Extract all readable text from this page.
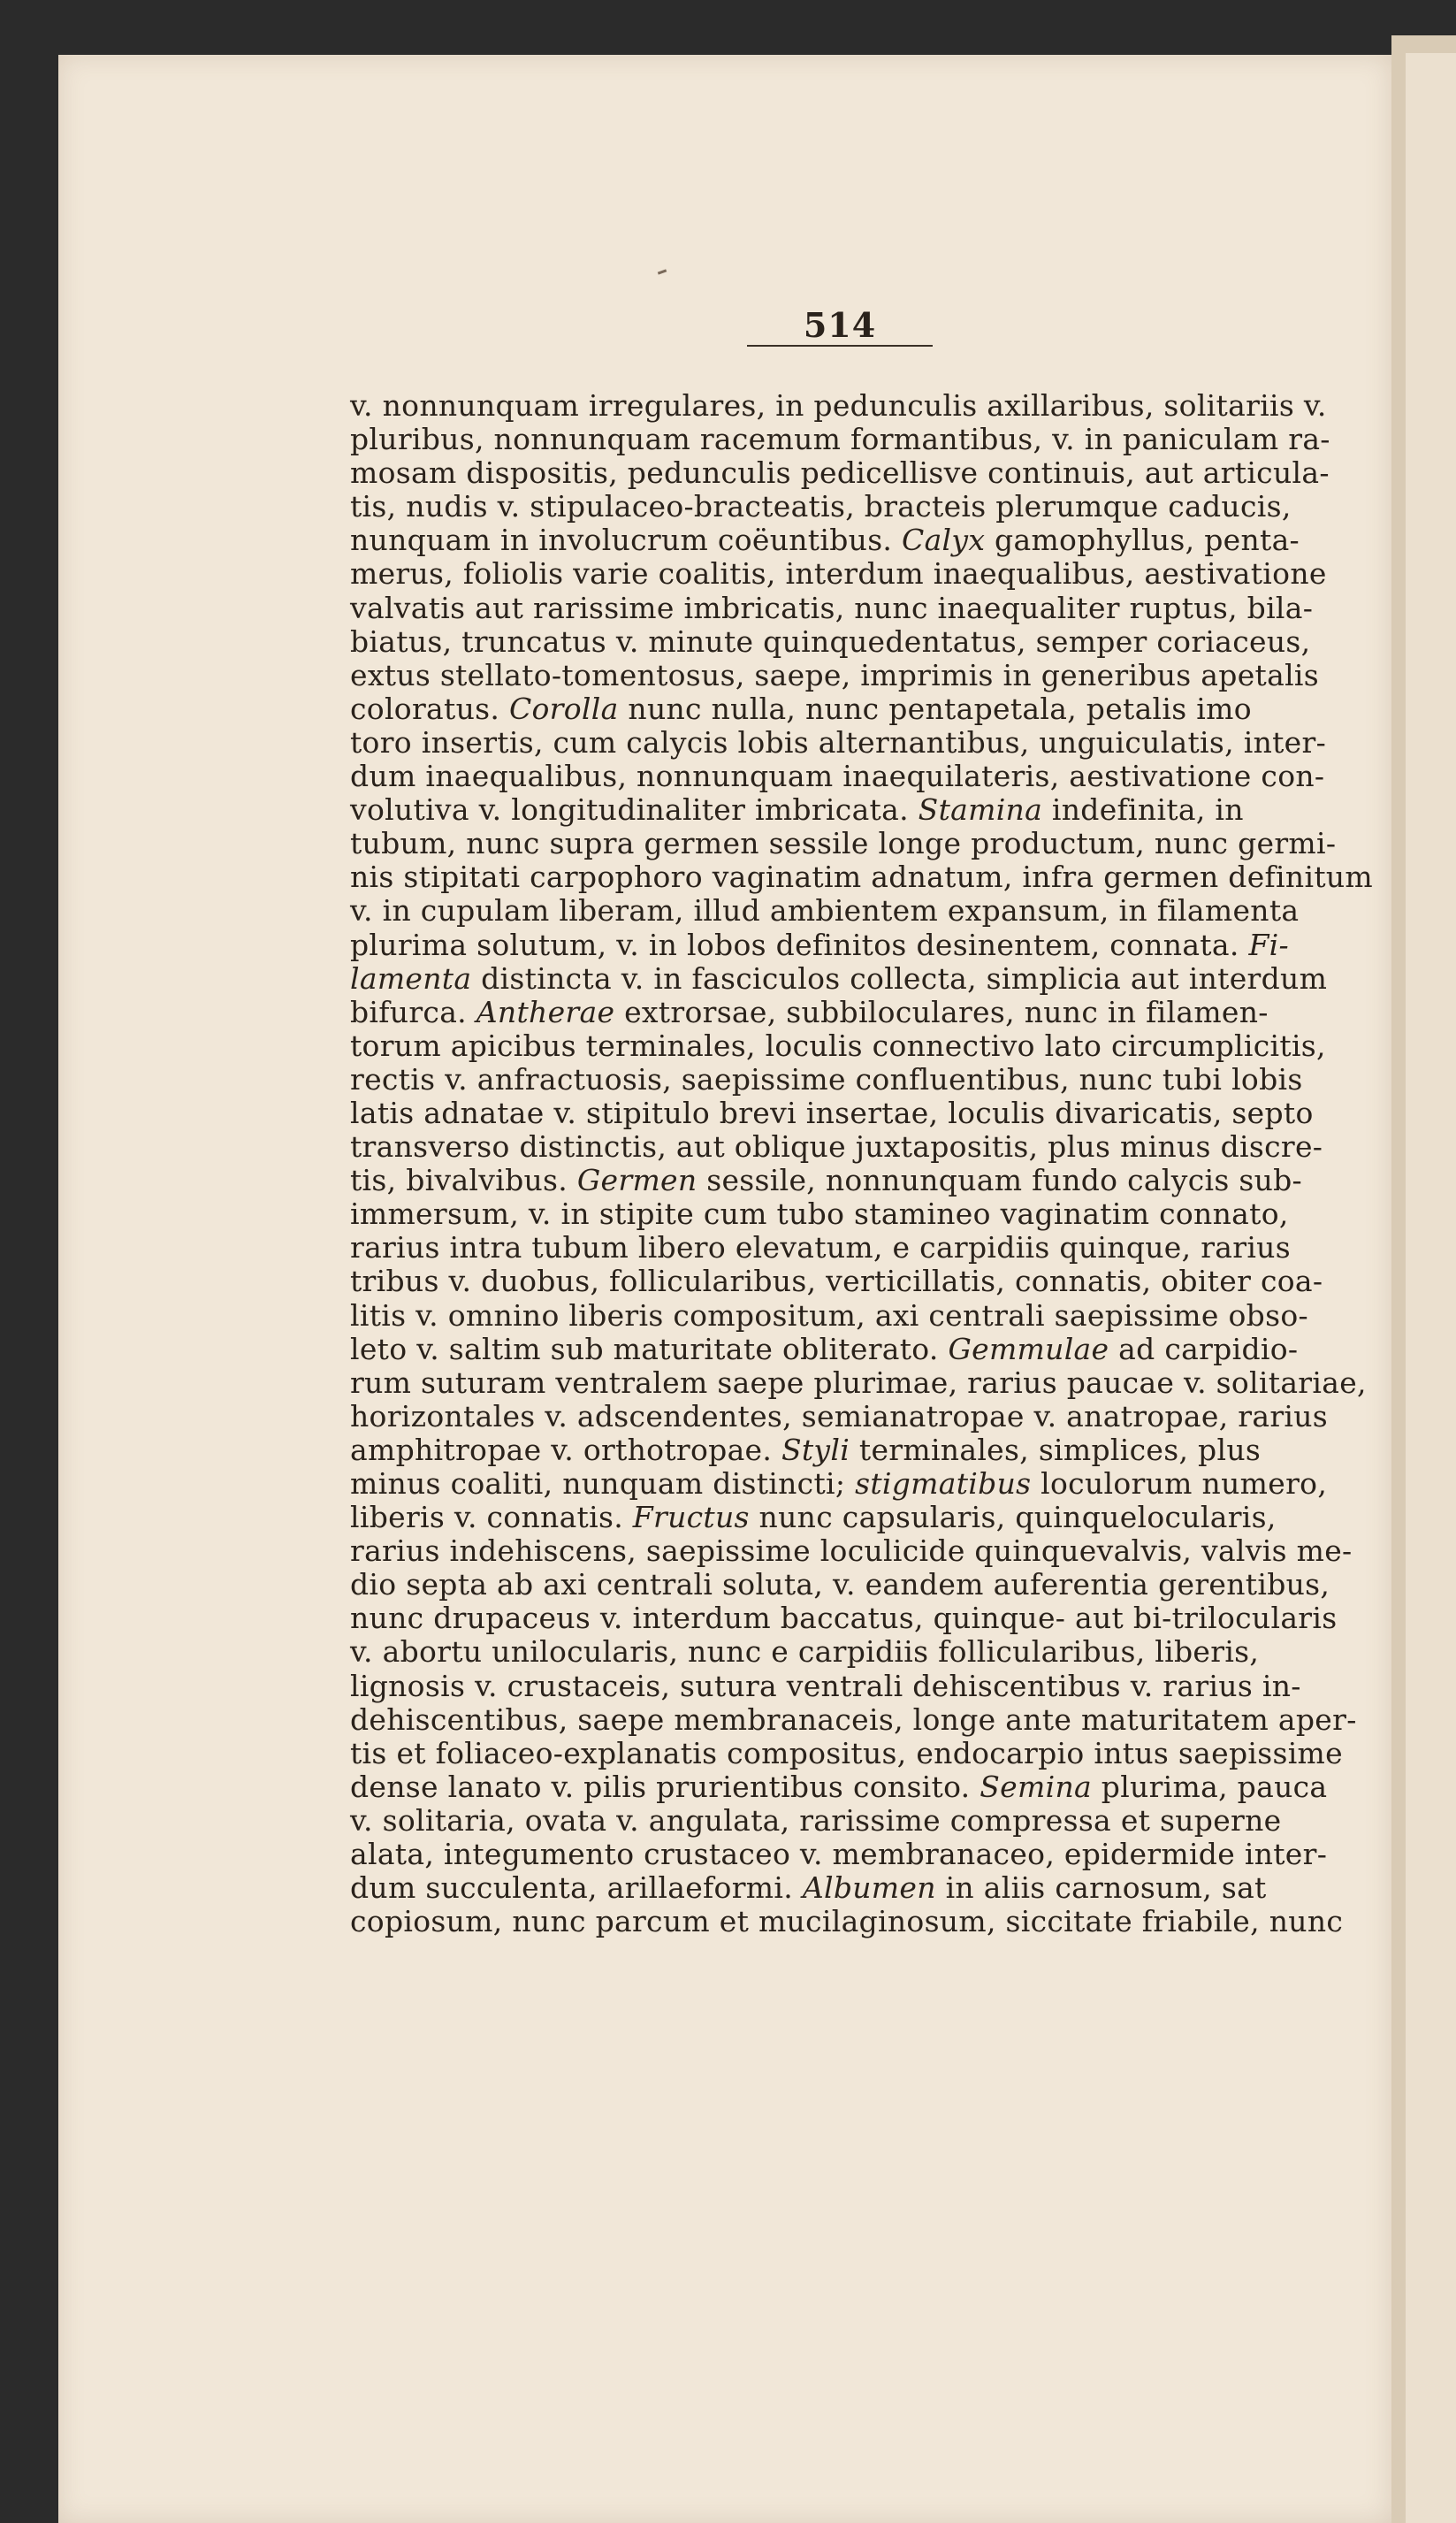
514
v. nonnunquam irregulares, in pedunculis axillaribus, solitariis v.
pluribus, nonnunquam racemum formantibus, v. in paniculam ra-
mosam dispositis, pedunculis pedicellisve continuis, aut articula-
tis, nudis v. stipulaceo-bracteatis, bracteis plerumque caducis,
nunquam in involucrum coëuntibus. Calyx gamophyllus, penta-
merus, foliolis varie coalitis, interdum inaequalibus, aestivatione
valvatis aut rarissime imbricatis, nunc inaequaliter ruptus, bila-
biatus, truncatus v. minute quinquedentatus, semper coriaceus,
extus stellato-tomentosus, saepe, imprimis in generibus apetalis
coloratus. Corolla nunc nulla, nunc pentapetala, petalis imo
toro insertis, cum calycis lobis alternantibus, unguiculatis, inter-
dum inaequalibus, nonnunquam inaequilateris, aestivatione con-
volutiva v. longitudinaliter imbricata. Stamina indefinita, in
tubum, nunc supra germen sessile longe productum, nunc germi-
nis stipitati carpophoro vaginatim adnatum, infra germen definitum
v. in cupulam liberam, illud ambientem expansum, in filamenta
plurima solutum, v. in lobos definitos desinentem, connata. Fi-
lamenta distincta v. in fasciculos collecta, simplicia aut interdum
bifurca. Antherae extrorsae, subbiloculares, nunc in filamen-
torum apicibus terminales, loculis connectivo lato circumplicitis,
rectis v. anfractuosis, saepissime confluentibus, nunc tubi lobis
latis adnatae v. stipitulo brevi insertae, loculis divaricatis, septo
transverso distinctis, aut oblique juxtapositis, plus minus discre-
tis, bivalvibus. Germen sessile, nonnunquam fundo calycis sub-
immersum, v. in stipite cum tubo stamineo vaginatim connato,
rarius intra tubum libero elevatum, e carpidiis quinque, rarius
tribus v. duobus, follicularibus, verticillatis, connatis, obiter coa-
litis v. omnino liberis compositum, axi centrali saepissime obso-
leto v. saltim sub maturitate obliterato. Gemmulae ad carpidio-
rum suturam ventralem saepe plurimae, rarius paucae v. solitariae,
horizontales v. adscendentes, semianatropae v. anatropae, rarius
amphitropae v. orthotropae. Styli terminales, simplices, plus
minus coaliti, nunquam distincti; stigmatibus loculorum numero,
liberis v. connatis. Fructus nunc capsularis, quinquelocularis,
rarius indehiscens, saepissime loculicide quinquevalvis, valvis me-
dio septa ab axi centrali soluta, v. eandem auferentia gerentibus,
nunc drupaceus v. interdum baccatus, quinque- aut bi-trilocularis
v. abortu unilocularis, nunc e carpidiis follicularibus, liberis,
lignosis v. crustaceis, sutura ventrali dehiscentibus v. rarius in-
dehiscentibus, saepe membranaceis, longe ante maturitatem aper-
tis et foliaceo-explanatis compositus, endocarpio intus saepissime
dense lanato v. pilis prurientibus consito. Semina plurima, pauca
v. solitaria, ovata v. angulata, rarissime compressa et superne
alata, integumento crustaceo v. membranaceo, epidermide inter-
dum succulenta, arillaeformi. Albumen in aliis carnosum, sat
copiosum, nunc parcum et mucilaginosum, siccitate friabile, nunc
